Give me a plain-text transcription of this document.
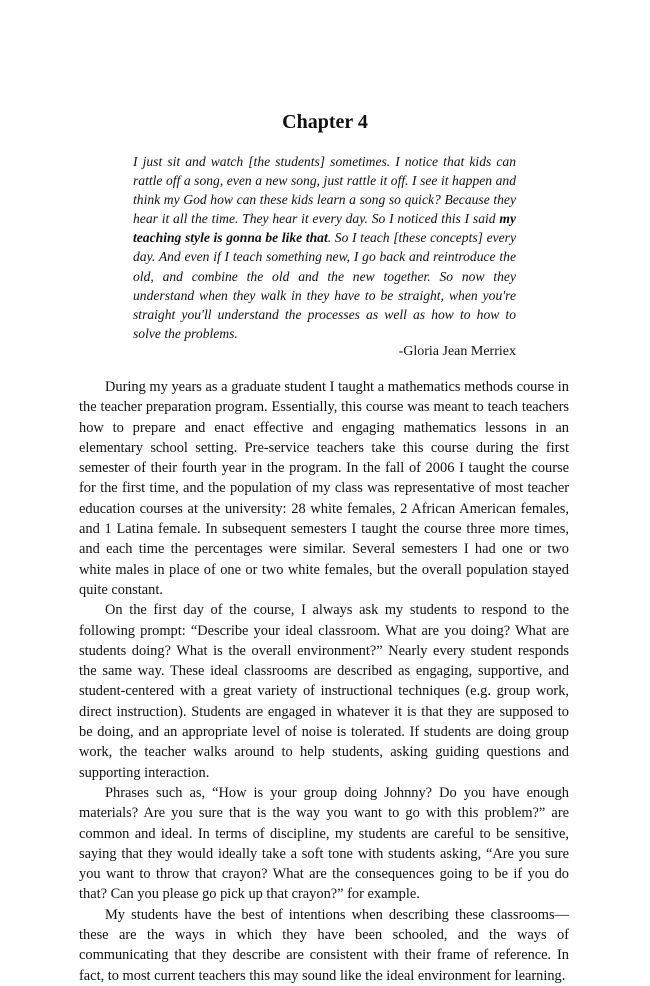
Chapter 4

I just sit and watch [the students] sometimes. I notice that kids can rattle off a song, even a new song, just rattle it off. I see it happen and think my God how can these kids learn a song so quick? Because they hear it all the time. They hear it every day. So I noticed this I said my teaching style is gonna be like that. So I teach [these concepts] every day. And even if I teach something new, I go back and reintroduce the old, and combine the old and the new together. So now they understand when they walk in they have to be straight, when you're straight you'll understand the processes as well as how to how to solve the problems.

-Gloria Jean Merriex

During my years as a graduate student I taught a mathematics methods course in the teacher preparation program. Essentially, this course was meant to teach teachers how to prepare and enact effective and engaging mathematics lessons in an elementary school setting. Pre-service teachers take this course during the first semester of their fourth year in the program. In the fall of 2006 I taught the course for the first time, and the population of my class was representative of most teacher education courses at the university: 28 white females, 2 African American females, and 1 Latina female. In subsequent semesters I taught the course three more times, and each time the percentages were similar. Several semesters I had one or two white males in place of one or two white females, but the overall population stayed quite constant.

On the first day of the course, I always ask my students to respond to the following prompt: “Describe your ideal classroom. What are you doing? What are students doing? What is the overall environment?” Nearly every student responds the same way. These ideal classrooms are described as engaging, supportive, and student-centered with a great variety of instructional techniques (e.g. group work, direct instruction). Students are engaged in whatever it is that they are supposed to be doing, and an appropriate level of noise is tolerated. If students are doing group work, the teacher walks around to help students, asking guiding questions and supporting interaction.

Phrases such as, “How is your group doing Johnny? Do you have enough materials? Are you sure that is the way you want to go with this problem?” are common and ideal. In terms of discipline, my students are careful to be sensitive, saying that they would ideally take a soft tone with students asking, “Are you sure you want to throw that crayon? What are the consequences going to be if you do that? Can you please go pick up that crayon?” for example.

My students have the best of intentions when describing these classrooms—these are the ways in which they have been schooled, and the ways of communicating that they describe are consistent with their frame of reference. In fact, to most current teachers this may sound like the ideal environment for learning.
